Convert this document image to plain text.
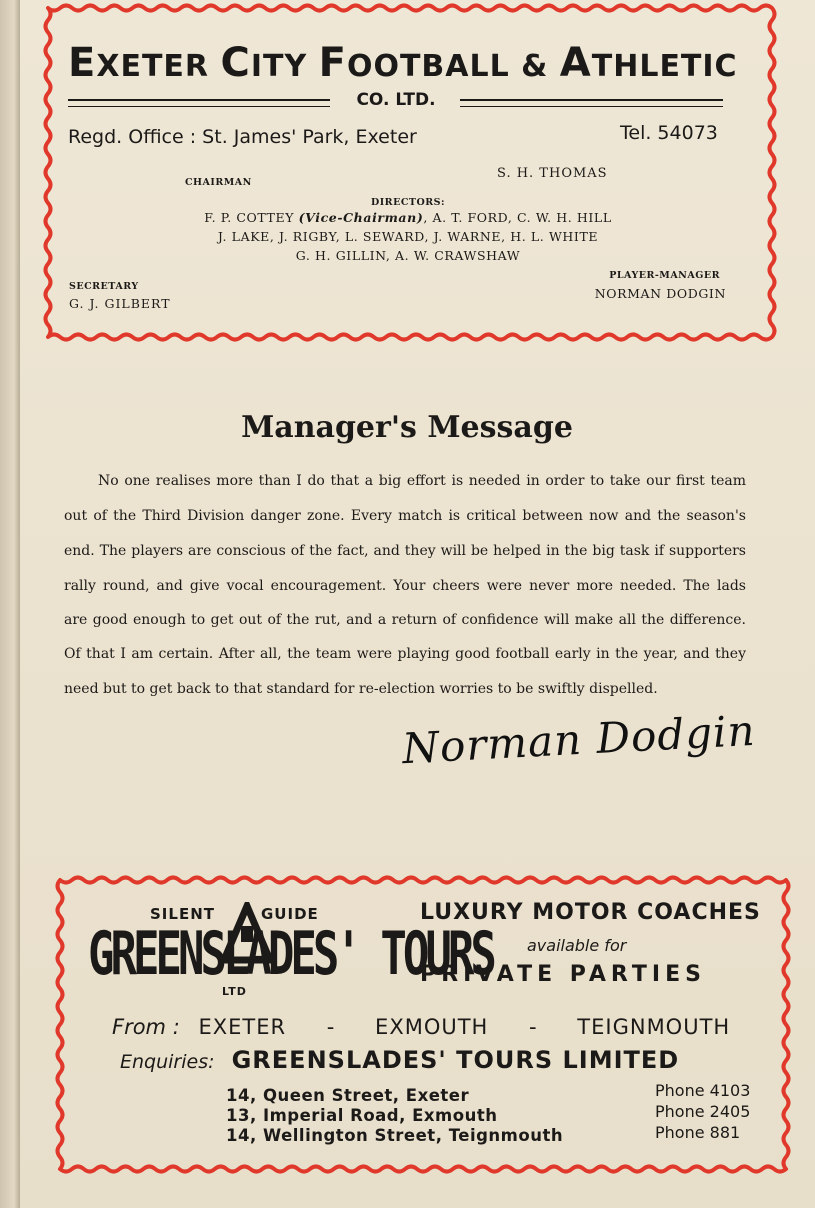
EXETER CITY FOOTBALL & ATHLETIC
CO. LTD.
Regd. Office : St. James' Park, Exeter	Tel. 54073
CHAIRMAN
S. H. THOMAS
DIRECTORS:
F. P. COTTEY (Vice-Chairman), A. T. FORD, C. W. H. HILL
J. LAKE, J. RIGBY, L. SEWARD, J. WARNE, H. L. WHITE
G. H. GILLIN, A. W. CRAWSHAW
SECRETARY
G. J. GILBERT
PLAYER-MANAGER
NORMAN DODGIN
Manager's Message
No one realises more than I do that a big effort is needed in order to take our first team
out of the Third Division danger zone. Every match is critical between now and the season's
end. The players are conscious of the fact, and they will be helped in the big task if supporters
rally round, and give vocal encouragement. Your cheers were never more needed. The lads
are good enough to get out of the rut, and a return of confidence will make all the difference.
Of that I am certain. After all, the team were playing good football early in the year, and they
need but to get back to that standard for re-election worries to be swiftly dispelled.
Norman Dodgin
SILENT	GUIDE
GREENSLADES' TOURS
LTD
LUXURY MOTOR COACHES
available for
PRIVATE PARTIES
From : EXETER - EXMOUTH - TEIGNMOUTH
Enquiries: GREENSLADES' TOURS LIMITED
14, Queen Street, Exeter
13, Imperial Road, Exmouth
14, Wellington Street, Teignmouth
Phone 4103
Phone 2405
Phone 881
